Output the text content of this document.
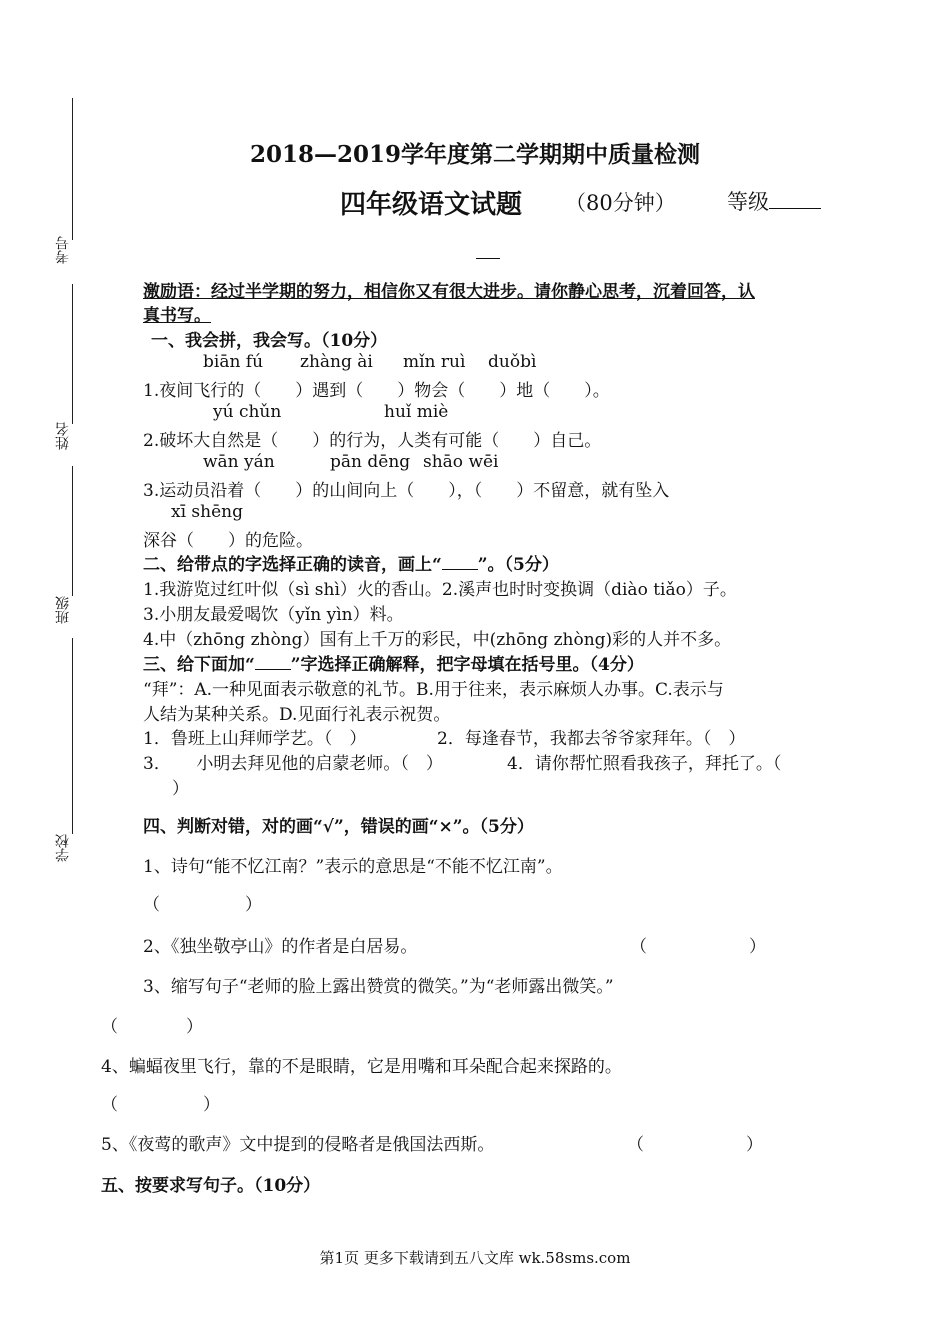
考号
姓名
班级
学校
2018—2019学年度第二学期期中质量检测
四年级语文试题 （80分钟） 等级
激励语：经过半学期的努力，相信你又有很大进步。请你静心思考，沉着回答，认
真书写。
一、我会拼，我会写。（10分）
biān fú zhàng ài mǐn ruì duǒbì
1.夜间飞行的（　　）遇到（　　）物会（　　）地（　　）。
yú chǔn	huǐ miè
2.破坏大自然是（　　）的行为，人类有可能（　　）自己。
wān yán	pān dēng shāo wēi
3.运动员沿着（　　）的山间向上（　　），（　　）不留意，就有坠入
xī shēng
深谷（　　）的危险。
二、给带点的字选择正确的读音，画上“ ”。（5分）
1.我游览过红叶似（sì shì）火的香山。2.溪声也时时变换调（diào tiǎo）子。
3.小朋友最爱喝饮（yǐn yìn）料。
4.中（zhōng zhòng）国有上千万的彩民，中(zhōng zhòng)彩的人并不多。
三、给下面加“ ”字选择正确解释，把字母填在括号里。（4分）
“拜”：A.一种见面表示敬意的礼节。B.用于往来，表示麻烦人办事。C.表示与
人结为某种关系。D.见面行礼表示祝贺。
1．鲁班上山拜师学艺。（　）	2．每逢春节，我都去爷爷家拜年。（　）
3．　　小明去拜见他的启蒙老师。（　）	4．请你帮忙照看我孩子，拜托了。（
）
四、判断对错，对的画“√”，错误的画“×”。（5分）
1、诗句“能不忆江南？”表示的意思是“不能不忆江南”。
（　　　　　）
2、《独坐敬亭山》的作者是白居易。	（　　　　　　）
3、缩写句子“老师的脸上露出赞赏的微笑。”为“老师露出微笑。”
（　　　　）
4、蝙蝠夜里飞行，靠的不是眼睛，它是用嘴和耳朵配合起来探路的。
（　　　　　）
5、《夜莺的歌声》文中提到的侵略者是俄国法西斯。	（　　　　　　）
五、按要求写句子。（10分）
第1页 更多下载请到五八文库 wk.58sms.com
